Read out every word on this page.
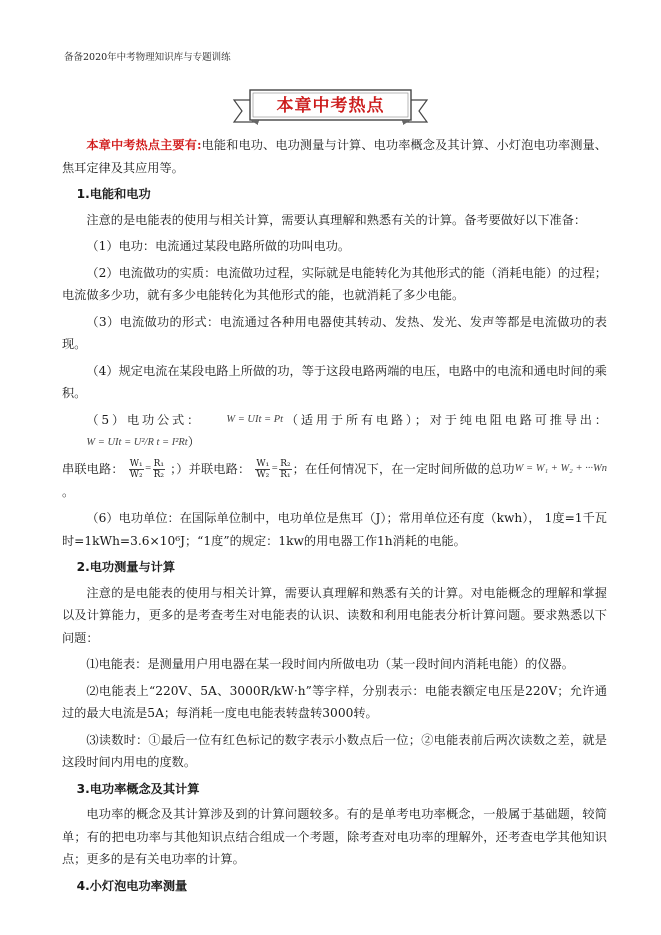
备备2020年中考物理知识库与专题训练
本章中考热点

本章中考热点主要有:电能和电功、电功测量与计算、电功率概念及其计算、小灯泡电功率测量、焦耳定律及其应用等。

1.电能和电功

注意的是电能表的使用与相关计算，需要认真理解和熟悉有关的计算。备考要做好以下准备：

（1）电功：电流通过某段电路所做的功叫电功。

（2）电流做功的实质：电流做功过程，实际就是电能转化为其他形式的能（消耗电能）的过程；电流做多少功，就有多少电能转化为其他形式的能，也就消耗了多少电能。

（3）电流做功的形式：电流通过各种用电器使其转动、发热、发光、发声等都是电流做功的表现。

（4）规定电流在某段电路上所做的功，等于这段电路两端的电压，电路中的电流和通电时间的乘积。

（5）电功公式： W = UIt = Pt（适用于所有电路）；对于纯电阻电路可推导出：W = UIt = U²/R t = I²Rt）

串联电路： $\frac{\text{W₁}}{\text{W₂}} = \frac{\text{R₁}}{\text{R₂}}$ ；）并联电路： $\frac{\text{W₁}}{\text{W₂}} = \frac{\text{R₂}}{\text{R₁}}$ ；在任何情况下，在一定时间所做的总功W = W₁ + W₂ + ···Wn。

（6）电功单位：在国际单位制中，电功单位是焦耳（J）；常用单位还有度（kwh）， 1度=1千瓦时=1kWh=3.6×10⁶J；“1度”的规定：1kw的用电器工作1h消耗的电能。

2.电功测量与计算

注意的是电能表的使用与相关计算，需要认真理解和熟悉有关的计算。对电能概念的理解和掌握以及计算能力，更多的是考查考生对电能表的认识、读数和利用电能表分析计算问题。要求熟悉以下问题：

⑴电能表：是测量用户用电器在某一段时间内所做电功（某一段时间内消耗电能）的仪器。

⑵电能表上“220V、5A、3000R/kW·h”等字样，分别表示：电能表额定电压是220V；允许通过的最大电流是5A；每消耗一度电电能表转盘转3000转。

⑶读数时：①最后一位有红色标记的数字表示小数点后一位；②电能表前后两次读数之差，就是这段时间内用电的度数。

3.电功率概念及其计算

电功率的概念及其计算涉及到的计算问题较多。有的是单考电功率概念，一般属于基础题，较简单；有的把电功率与其他知识点结合组成一个考题，除考查对电功率的理解外，还考查电学其他知识点；更多的是有关电功率的计算。

4.小灯泡电功率测量
